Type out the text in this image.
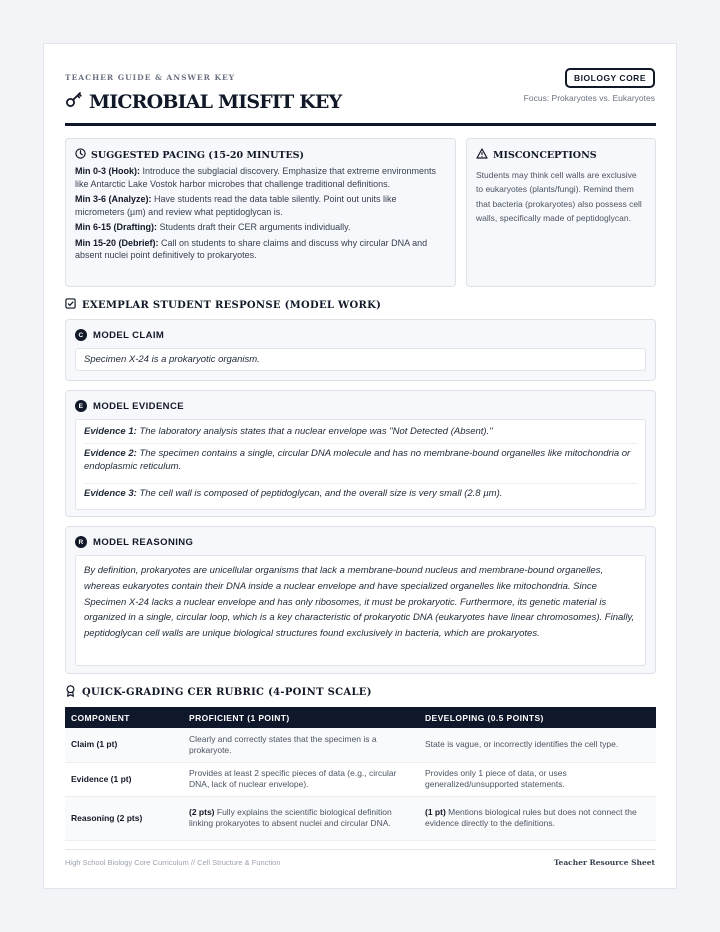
TEACHER GUIDE & ANSWER KEY
MICROBIAL MISFIT KEY
BIOLOGY CORE
Focus: Prokaryotes vs. Eukaryotes
SUGGESTED PACING (15-20 MINUTES)

Min 0-3 (Hook): Introduce the subglacial discovery. Emphasize that extreme environments like Antarctic Lake Vostok harbor microbes that challenge traditional definitions.

Min 3-6 (Analyze): Have students read the data table silently. Point out units like micrometers (µm) and review what peptidoglycan is.

Min 6-15 (Drafting): Students draft their CER arguments individually.

Min 15-20 (Debrief): Call on students to share claims and discuss why circular DNA and absent nuclei point definitively to prokaryotes.

MISCONCEPTIONS
Students may think cell walls are exclusive to eukaryotes (plants/fungi). Remind them that bacteria (prokaryotes) also possess cell walls, specifically made of peptidoglycan.
EXEMPLAR STUDENT RESPONSE (MODEL WORK)
C MODEL CLAIM
Specimen X-24 is a prokaryotic organism.
E	MODEL EVIDENCE
Evidence 1: The laboratory analysis states that a nuclear envelope was "Not Detected (Absent)."
Evidence 2: The specimen contains a single, circular DNA molecule and has no membrane-bound organelles like mitochondria or endoplasmic reticulum.
Evidence 3: The cell wall is composed of peptidoglycan, and the overall size is very small (2.8 µm).
R MODEL REASONING
By definition, prokaryotes are unicellular organisms that lack a membrane-bound nucleus and membrane-bound organelles, whereas eukaryotes contain their DNA inside a nuclear envelope and have specialized organelles like mitochondria. Since Specimen X-24 lacks a nuclear envelope and has only ribosomes, it must be prokaryotic. Furthermore, its genetic material is organized in a single, circular loop, which is a key characteristic of prokaryotic DNA (eukaryotes have linear chromosomes). Finally, peptidoglycan cell walls are unique biological structures found exclusively in bacteria, which are prokaryotes.
QUICK-GRADING CER RUBRIC (4-POINT SCALE)
COMPONENT	PROFICIENT (1 POINT)	DEVELOPING (0.5 POINTS)
Claim (1 pt)	Clearly and correctly states that the specimen is a prokaryote.	State is vague, or incorrectly identifies the cell type.
Evidence (1 pt)	Provides at least 2 specific pieces of data (e.g., circular DNA, lack of nuclear envelope).	Provides only 1 piece of data, or uses generalized/unsupported statements.
Reasoning (2 pts)	(2 pts) Fully explains the scientific biological definition linking prokaryotes to absent nuclei and circular DNA.	(1 pt) Mentions biological rules but does not connect the evidence directly to the definitions.
High School Biology Core Curriculum // Cell Structure & Function	Teacher Resource Sheet
